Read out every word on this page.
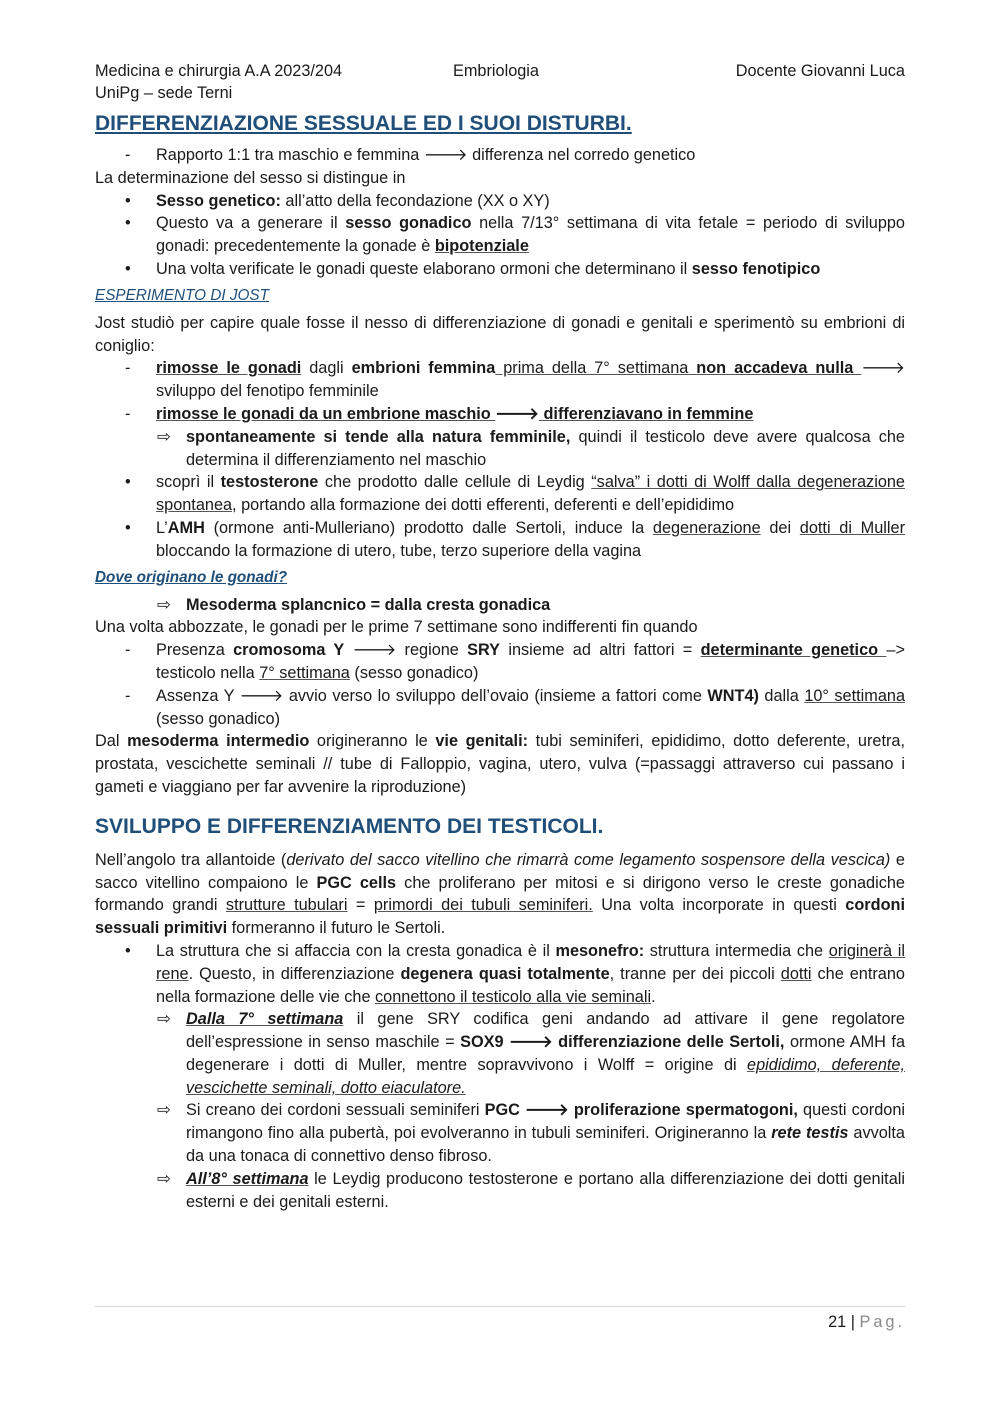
Medicina e chirurgia A.A 2023/204	Embriologia	Docente Giovanni Luca
UniPg – sede Terni
DIFFERENZIAZIONE SESSUALE ED I SUOI DISTURBI.
- Rapporto 1:1 tra maschio e femmina 🡒 differenza nel corredo genetico

La determinazione del sesso si distingue in

•
Sesso genetico: all’atto della fecondazione (XX o XY)
•
Questo va a generare il sesso gonadico nella 7/13° settimana di vita fetale = periodo di sviluppo gonadi: precedentemente la gonade è bipotenziale
•
Una volta verificate le gonadi queste elaborano ormoni che determinano il sesso fenotipico
ESPERIMENTO DI JOST

Jost studiò per capire quale fosse il nesso di differenziazione di gonadi e genitali e sperimentò su embrioni di coniglio:

- rimosse le gonadi dagli embrioni femmina prima della 7° settimana non accadeva nulla 🡒 sviluppo del fenotipo femminile
- rimosse le gonadi da un embrione maschio 🡒 differenziavano in femmine
⇨ spontaneamente si tende alla natura femminile, quindi il testicolo deve avere qualcosa che determina il differenziamento nel maschio
•
scoprì il testosterone che prodotto dalle cellule di Leydig “salva” i dotti di Wolff dalla degenerazione spontanea, portando alla formazione dei dotti efferenti, deferenti e dell’epididimo
•
L’AMH (ormone anti-Mulleriano) prodotto dalle Sertoli, induce la degenerazione dei dotti di Muller bloccando la formazione di utero, tube, terzo superiore della vagina
Dove originano le gonadi?
⇨ Mesoderma splancnico = dalla cresta gonadica

Una volta abbozzate, le gonadi per le prime 7 settimane sono indifferenti fin quando

- Presenza cromosoma Y 🡒 regione SRY insieme ad altri fattori = determinante genetico –> testicolo nella 7° settimana (sesso gonadico)
- Assenza Y 🡒 avvio verso lo sviluppo dell’ovaio (insieme a fattori come WNT4) dalla 10° settimana (sesso gonadico)

Dal mesoderma intermedio origineranno le vie genitali: tubi seminiferi, epididimo, dotto deferente, uretra, prostata, vescichette seminali // tube di Falloppio, vagina, utero, vulva (=passaggi attraverso cui passano i gameti e viaggiano per far avvenire la riproduzione)

SVILUPPO E DIFFERENZIAMENTO DEI TESTICOLI.

Nell’angolo tra allantoide (derivato del sacco vitellino che rimarrà come legamento sospensore della vescica) e sacco vitellino compaiono le PGC cells che proliferano per mitosi e si dirigono verso le creste gonadiche formando grandi strutture tubulari = primordi dei tubuli seminiferi. Una volta incorporate in questi cordoni sessuali primitivi formeranno il futuro le Sertoli.

•
La struttura che si affaccia con la cresta gonadica è il mesonefro: struttura intermedia che originerà il rene. Questo, in differenziazione degenera quasi totalmente, tranne per dei piccoli dotti che entrano nella formazione delle vie che connettono il testicolo alla vie seminali.
⇨ Dalla 7° settimana il gene SRY codifica geni andando ad attivare il gene regolatore dell’espressione in senso maschile = SOX9 🡒 differenziazione delle Sertoli, ormone AMH fa degenerare i dotti di Muller, mentre sopravvivono i Wolff = origine di epididimo, deferente, vescichette seminali, dotto eiaculatore.
⇨ Si creano dei cordoni sessuali seminiferi PGC 🡒 proliferazione spermatogoni, questi cordoni rimangono fino alla pubertà, poi evolveranno in tubuli seminiferi. Origineranno la rete testis avvolta da una tonaca di connettivo denso fibroso.
⇨ All’8° settimana le Leydig producono testosterone e portano alla differenziazione dei dotti genitali esterni e dei genitali esterni.
21 | Pag.
